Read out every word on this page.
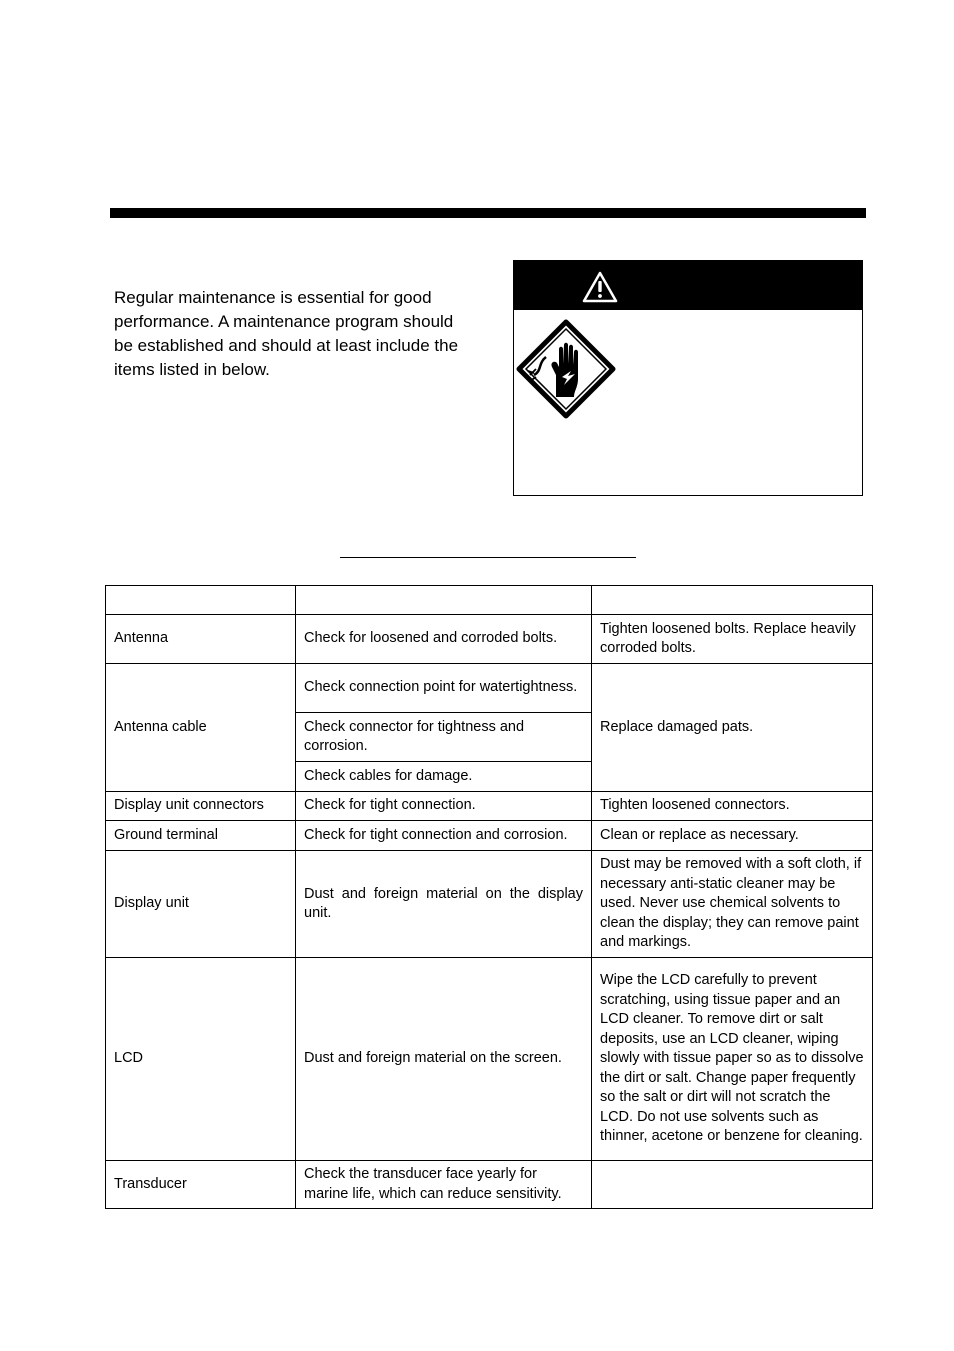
Regular maintenance is essential for good performance. A maintenance program should be established and should at least include the items listed in below.

Antenna	Check for loosened and corroded bolts.	Tighten loosened bolts. Replace heavily corroded bolts.
Antenna cable	Check connection point for watertightness.	Replace damaged pats.
	Check connector for tightness and corrosion.	
	Check cables for damage.	
Display unit connectors	Check for tight connection.	Tighten loosened connectors.
Ground terminal	Check for tight connection and corrosion.	Clean or replace as necessary.
Display unit	Dust and foreign material on the display unit.	Dust may be removed with a soft cloth, if necessary anti-static cleaner may be used. Never use chemical solvents to clean the display; they can remove paint and markings.
LCD	Dust and foreign material on the screen.	Wipe the LCD carefully to prevent scratching, using tissue paper and an LCD cleaner. To remove dirt or salt deposits, use an LCD cleaner, wiping slowly with tissue paper so as to dissolve the dirt or salt. Change paper frequently so the salt or dirt will not scratch the LCD. Do not use solvents such as thinner, acetone or benzene for cleaning.
Transducer	Check the transducer face yearly for marine life, which can reduce sensitivity.	
